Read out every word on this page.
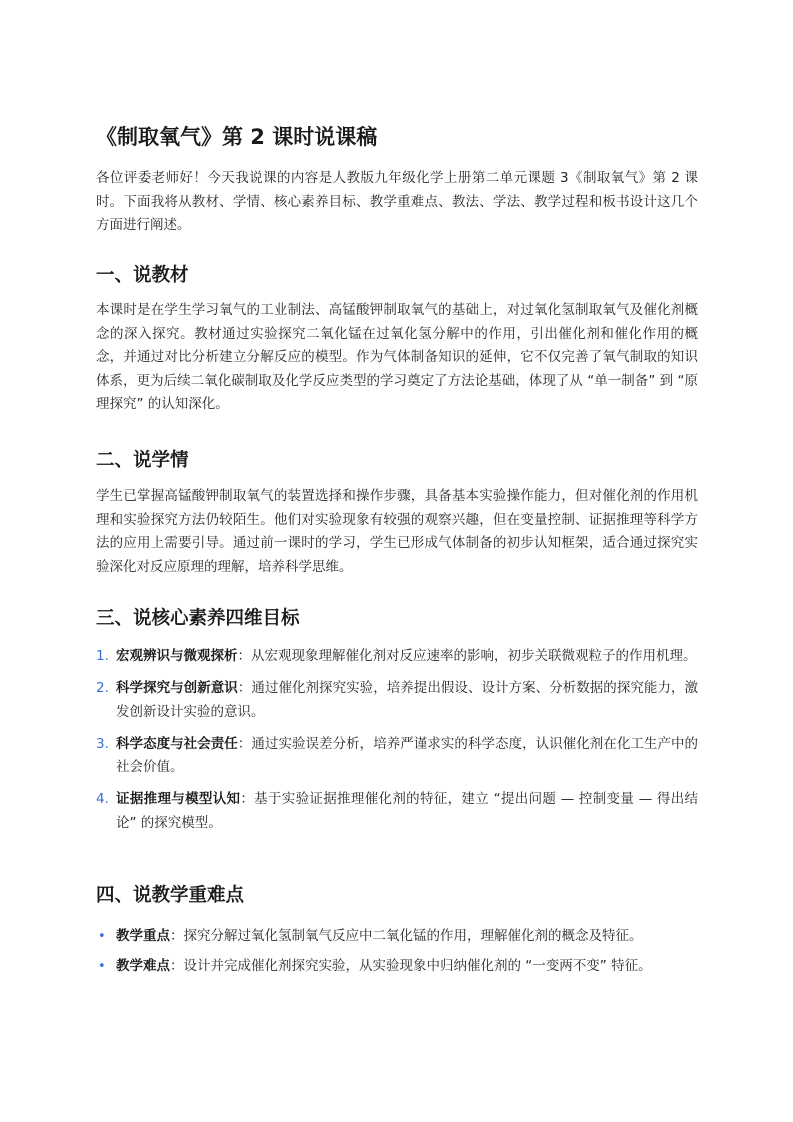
《制取氧气》第 2 课时说课稿

各位评委老师好！今天我说课的内容是人教版九年级化学上册第二单元课题 3《制取氧气》第 2 课时。下面我将从教材、学情、核心素养目标、教学重难点、教法、学法、教学过程和板书设计这几个方面进行阐述。

一、说教材

本课时是在学生学习氧气的工业制法、高锰酸钾制取氧气的基础上，对过氧化氢制取氧气及催化剂概念的深入探究。教材通过实验探究二氧化锰在过氧化氢分解中的作用，引出催化剂和催化作用的概念，并通过对比分析建立分解反应的模型。作为气体制备知识的延伸，它不仅完善了氧气制取的知识体系，更为后续二氧化碳制取及化学反应类型的学习奠定了方法论基础，体现了从 “单一制备” 到 “原理探究” 的认知深化。

二、说学情

学生已掌握高锰酸钾制取氧气的装置选择和操作步骤，具备基本实验操作能力，但对催化剂的作用机理和实验探究方法仍较陌生。他们对实验现象有较强的观察兴趣，但在变量控制、证据推理等科学方法的应用上需要引导。通过前一课时的学习，学生已形成气体制备的初步认知框架，适合通过探究实验深化对反应原理的理解，培养科学思维。

三、说核心素养四维目标
1. 宏观辨识与微观探析：从宏观现象理解催化剂对反应速率的影响，初步关联微观粒子的作用机理。
2. 科学探究与创新意识：通过催化剂探究实验，培养提出假设、设计方案、分析数据的探究能力，激发创新设计实验的意识。
3. 科学态度与社会责任：通过实验误差分析，培养严谨求实的科学态度，认识催化剂在化工生产中的社会价值。
4. 证据推理与模型认知：基于实验证据推理催化剂的特征，建立 “提出问题 — 控制变量 — 得出结论” 的探究模型。
四、说教学重难点
• 教学重点：探究分解过氧化氢制氧气反应中二氧化锰的作用，理解催化剂的概念及特征。
• 教学难点：设计并完成催化剂探究实验，从实验现象中归纳催化剂的 “一变两不变” 特征。
